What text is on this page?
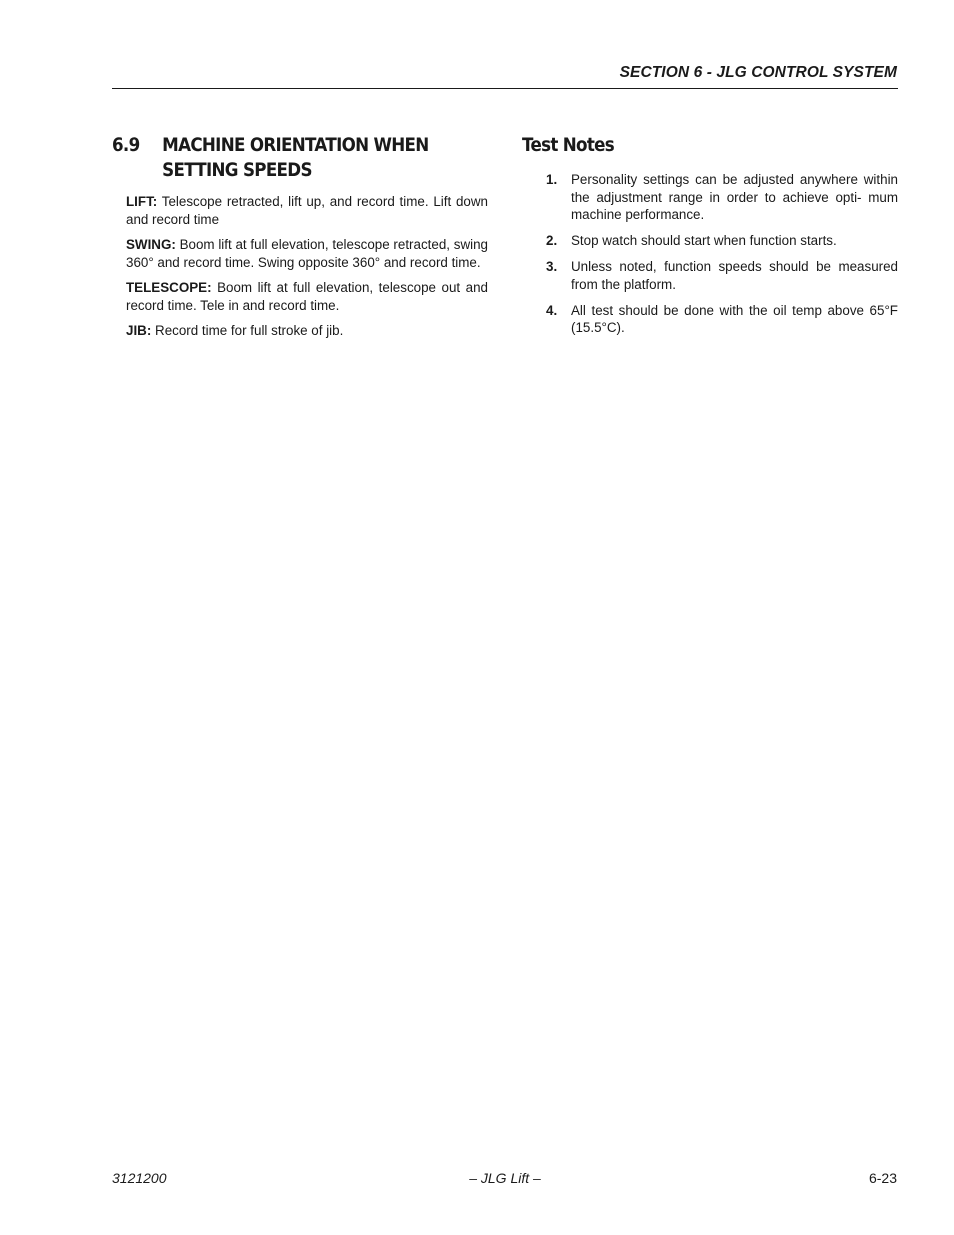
SECTION 6 - JLG CONTROL SYSTEM
6.9	MACHINE ORIENTATION WHEN
SETTING SPEEDS
LIFT: Telescope retracted, lift up, and record time. Lift down and record time
SWING: Boom lift at full elevation, telescope retracted, swing 360° and record time. Swing opposite 360° and record time.
TELESCOPE: Boom lift at full elevation, telescope out and record time. Tele in and record time.
JIB: Record time for full stroke of jib.
Test Notes
1.	Personality settings can be adjusted anywhere within the adjustment range in order to achieve opti- mum machine performance.
2.	Stop watch should start when function starts.
3.	Unless noted, function speeds should be measured from the platform.
4.	All test should be done with the oil temp above 65°F (15.5°C).
3121200	– JLG Lift –	6-23
